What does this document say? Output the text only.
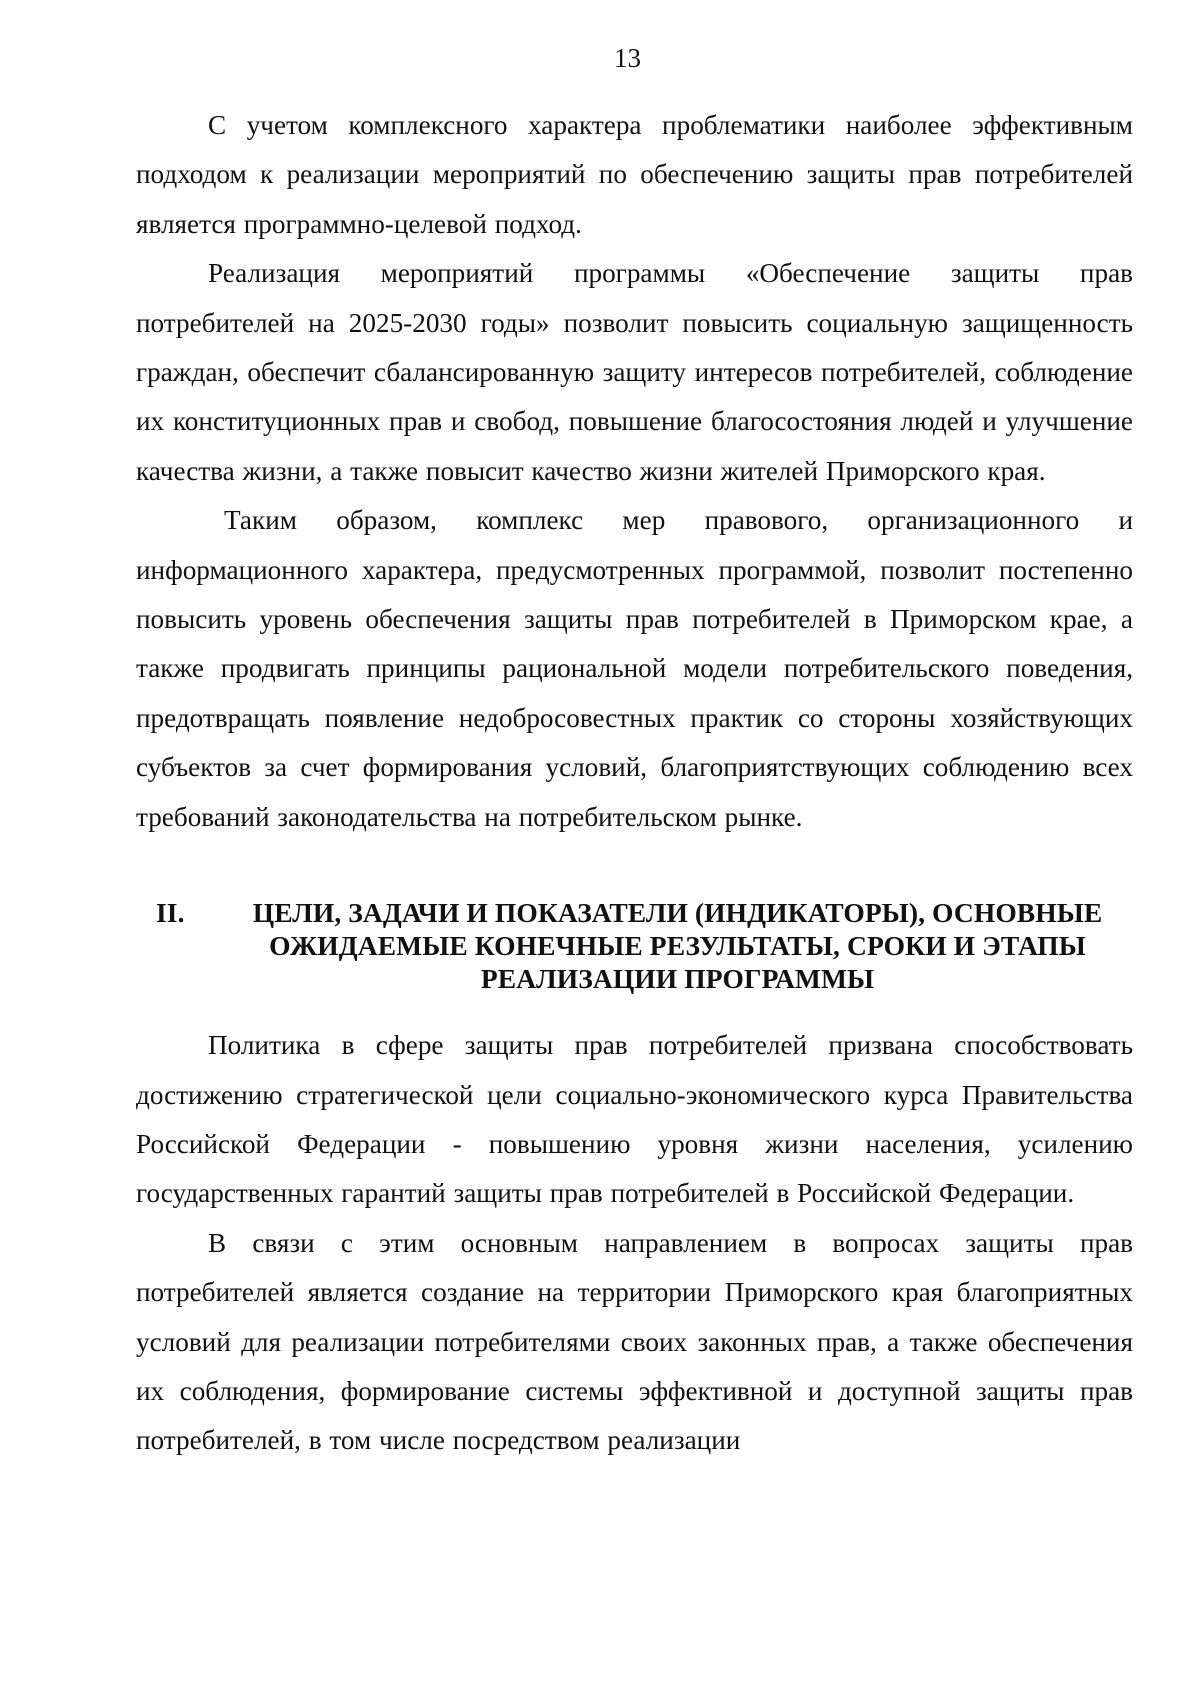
13

С учетом комплексного характера проблематики наиболее эффективным подходом к реализации мероприятий по обеспечению защиты прав потребителей является программно-целевой подход.

Реализация мероприятий программы «Обеспечение защиты прав потребителей на 2025-2030 годы» позволит повысить социальную защищенность граждан, обеспечит сбалансированную защиту интересов потребителей, соблюдение их конституционных прав и свобод, повышение благосостояния людей и улучшение качества жизни, а также повысит качество жизни жителей Приморского края.

Таким образом, комплекс мер правового, организационного и информационного характера, предусмотренных программой, позволит постепенно повысить уровень обеспечения защиты прав потребителей в Приморском крае, а также продвигать принципы рациональной модели потребительского поведения, предотвращать появление недобросовестных практик со стороны хозяйствующих субъектов за счет формирования условий, благоприятствующих соблюдению всех требований законодательства на потребительском рынке.

II.	ЦЕЛИ, ЗАДАЧИ И ПОКАЗАТЕЛИ (ИНДИКАТОРЫ), ОСНОВНЫЕ
ОЖИДАЕМЫЕ КОНЕЧНЫЕ РЕЗУЛЬТАТЫ, СРОКИ И ЭТАПЫ
РЕАЛИЗАЦИИ ПРОГРАММЫ

Политика в сфере защиты прав потребителей призвана способствовать достижению стратегической цели социально-экономического курса Правительства Российской Федерации - повышению уровня жизни населения, усилению государственных гарантий защиты прав потребителей в Российской Федерации.

В связи с этим основным направлением в вопросах защиты прав потребителей является создание на территории Приморского края благоприятных условий для реализации потребителями своих законных прав, а также обеспечения их соблюдения, формирование системы эффективной и доступной защиты прав потребителей, в том числе посредством реализации
